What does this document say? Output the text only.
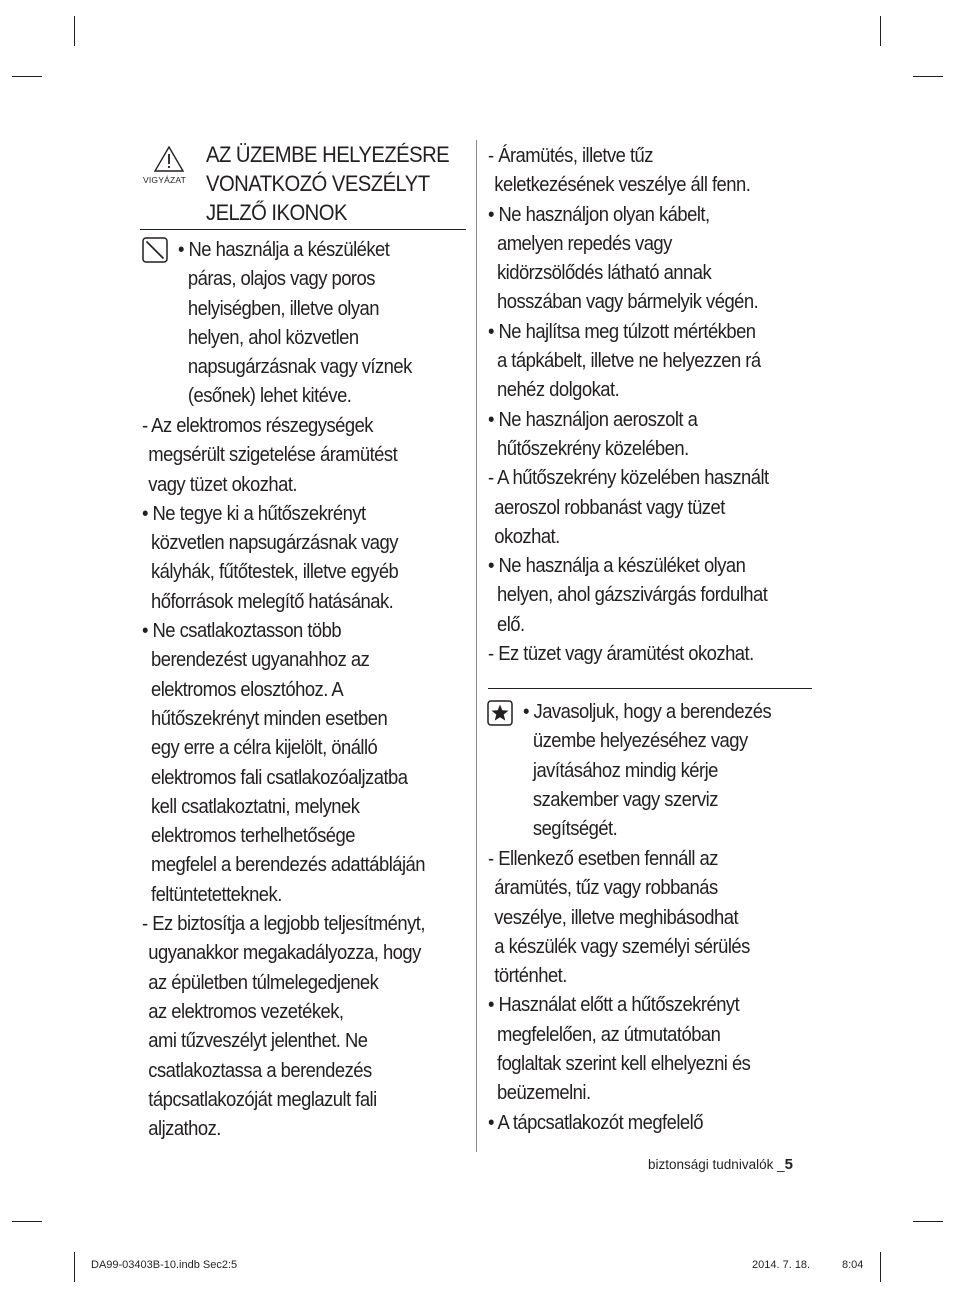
VIGYÁZAT
AZ ÜZEMBE HELYEZÉSRE
VONATKOZÓ VESZÉLYT
JELZŐ IKONOK
• Ne használja a készüléket
páras, olajos vagy poros
helyiségben, illetve olyan
helyen, ahol közvetlen
napsugárzásnak vagy víznek
(esőnek) lehet kitéve.
- Az elektromos részegységek
megsérült szigetelése áramütést
vagy tüzet okozhat.
• Ne tegye ki a hűtőszekrényt
közvetlen napsugárzásnak vagy
kályhák, fűtőtestek, illetve egyéb
hőforrások melegítő hatásának.
• Ne csatlakoztasson több
berendezést ugyanahhoz az
elektromos elosztóhoz. A
hűtőszekrényt minden esetben
egy erre a célra kijelölt, önálló
elektromos fali csatlakozóaljzatba
kell csatlakoztatni, melynek
elektromos terhelhetősége
megfelel a berendezés adattábláján
feltüntetetteknek.
- Ez biztosítja a legjobb teljesítményt,
ugyanakkor megakadályozza, hogy
az épületben túlmelegedjenek
az elektromos vezetékek,
ami tűzveszélyt jelenthet. Ne
csatlakoztassa a berendezés
tápcsatlakozóját meglazult fali
aljzathoz.
- Áramütés, illetve tűz
keletkezésének veszélye áll fenn.
• Ne használjon olyan kábelt,
amelyen repedés vagy
kidörzsölődés látható annak
hosszában vagy bármelyik végén.
• Ne hajlítsa meg túlzott mértékben
a tápkábelt, illetve ne helyezzen rá
nehéz dolgokat.
• Ne használjon aeroszolt a
hűtőszekrény közelében.
- A hűtőszekrény közelében használt
aeroszol robbanást vagy tüzet
okozhat.
• Ne használja a készüléket olyan
helyen, ahol gázszivárgás fordulhat
elő.
- Ez tüzet vagy áramütést okozhat.
• Javasoljuk, hogy a berendezés
üzembe helyezéséhez vagy
javításához mindig kérje
szakember vagy szerviz
segítségét.
- Ellenkező esetben fennáll az
áramütés, tűz vagy robbanás
veszélye, illetve meghibásodhat
a készülék vagy személyi sérülés
történhet.
• Használat előtt a hűtőszekrényt
megfelelően, az útmutatóban
foglaltak szerint kell elhelyezni és
beüzemelni.
• A tápcsatlakozót megfelelő
biztonsági tudnivalók _5
DA99-03403B-10.indb Sec2:5	2014. 7. 18.	8:04
